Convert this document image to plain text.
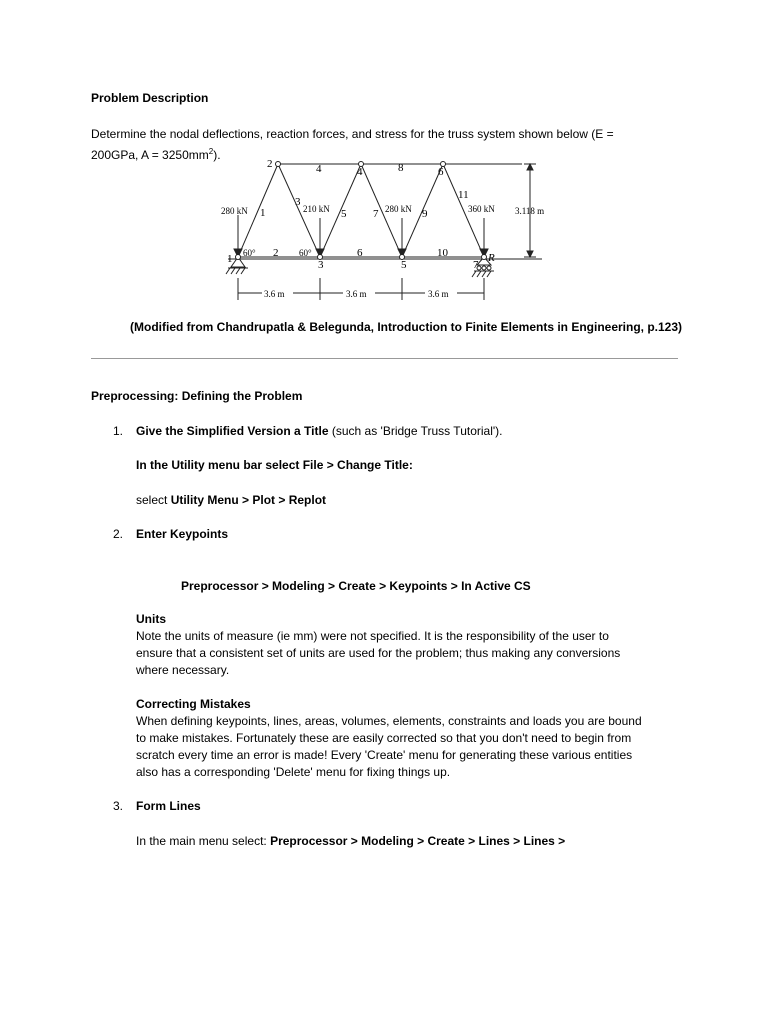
Problem Description
Determine the nodal deflections, reaction forces, and stress for the truss system shown below (E =
200GPa, $A = 3250mm^2$).
1
2
3
4
5
6
7
1
2
3
4
5
6
7
8
9
10
11
280 kN	210 kN	280 kN	360 kN
60°	60°
3.118 m
3.6 m	3.6 m	3.6 m
R
(Modified from Chandrupatla & Belegunda, Introduction to Finite Elements in Engineering, p.123)
Preprocessing: Defining the Problem
1. Give the Simplified Version a Title (such as 'Bridge Truss Tutorial').
In the Utility menu bar select File > Change Title:
select Utility Menu > Plot > Replot
2. Enter Keypoints
Preprocessor > Modeling > Create > Keypoints > In Active CS
Units
Note the units of measure (ie mm) were not specified. It is the responsibility of the user to
ensure that a consistent set of units are used for the problem; thus making any conversions
where necessary.
Correcting Mistakes
When defining keypoints, lines, areas, volumes, elements, constraints and loads you are bound
to make mistakes. Fortunately these are easily corrected so that you don't need to begin from
scratch every time an error is made! Every 'Create' menu for generating these various entities
also has a corresponding 'Delete' menu for fixing things up.
3. Form Lines
In the main menu select: Preprocessor > Modeling > Create > Lines > Lines >
